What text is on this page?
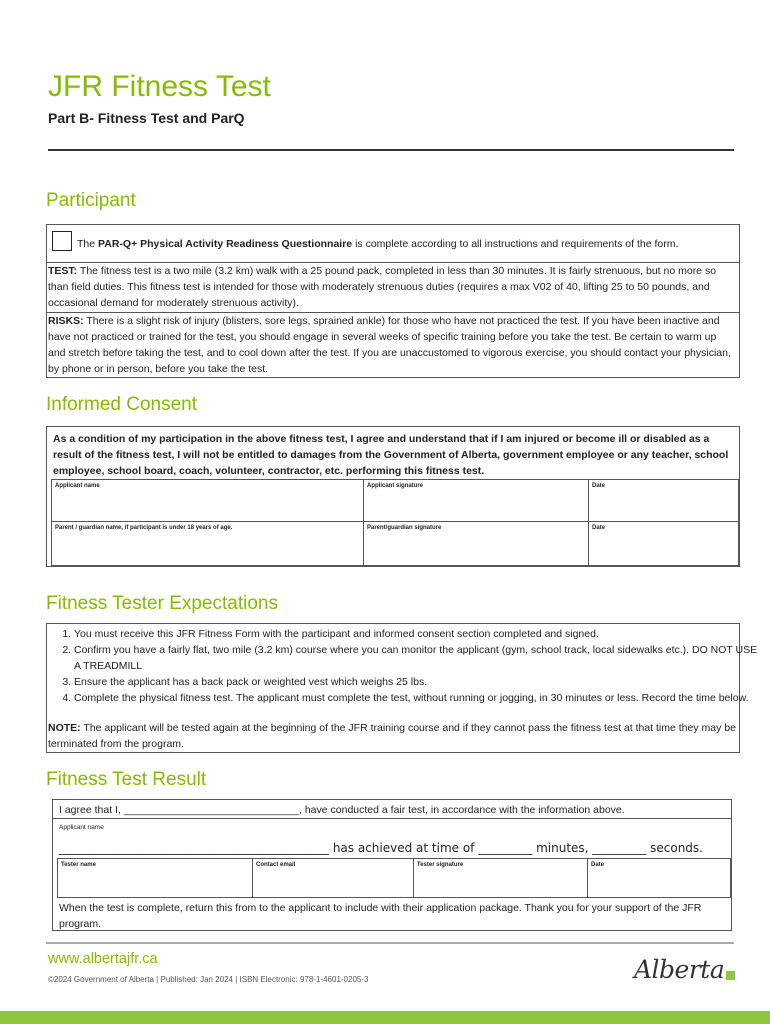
JFR Fitness Test
Part B- Fitness Test and ParQ
Participant
The PAR-Q+ Physical Activity Readiness Questionnaire is complete according to all instructions and requirements of the form.
TEST: The fitness test is a two mile (3.2 km) walk with a 25 pound pack, completed in less than 30 minutes. It is fairly strenuous, but no more so than field duties. This fitness test is intended for those with moderately strenuous duties (requires a max V02 of 40, lifting 25 to 50 pounds, and occasional demand for moderately strenuous activity).
RISKS: There is a slight risk of injury (blisters, sore legs, sprained ankle) for those who have not practiced the test. If you have been inactive and have not practiced or trained for the test, you should engage in several weeks of specific training before you take the test. Be certain to warm up and stretch before taking the test, and to cool down after the test. If you are unaccustomed to vigorous exercise, you should contact your physician, by phone or in person, before you take the test.
Informed Consent
As a condition of my participation in the above fitness test, I agree and understand that if I am injured or become ill or disabled as a result of the fitness test, I will not be entitled to damages from the Government of Alberta, government employee or any teacher, school employee, school board, coach, volunteer, contractor, etc. performing this fitness test.
Applicant name	Applicant signature	Date
Parent / guardian name, if participant is under 18 years of age.	Parent/guardian signature	Date
Fitness Tester Expectations
1. You must receive this JFR Fitness Form with the participant and informed consent section completed and signed.
2. Confirm you have a fairly flat, two mile (3.2 km) course where you can monitor the applicant (gym, school track, local sidewalks etc.). DO NOT USE A TREADMILL
3. Ensure the applicant has a back pack or weighted vest which weighs 25 lbs.
4. Complete the physical fitness test. The applicant must complete the test, without running or jogging, in 30 minutes or less. Record the time below.
NOTE: The applicant will be tested again at the beginning of the JFR training course and if they cannot pass the fitness test at that time they may be terminated from the program.
Fitness Test Result
I agree that I, ______________________________, have conducted a fair test, in accordance with the information above.
Applicant name
_____________________________________________ has achieved at time of _________ minutes, _________ seconds.
Tester name	Contact email	Tester signature	Date
When the test is complete, return this from to the applicant to include with their application package. Thank you for your support of the JFR program.
www.albertajfr.ca
©2024 Government of Alberta | Published: Jan 2024 | ISBN Electronic: 978-1-4601-0205-3	Alberta
